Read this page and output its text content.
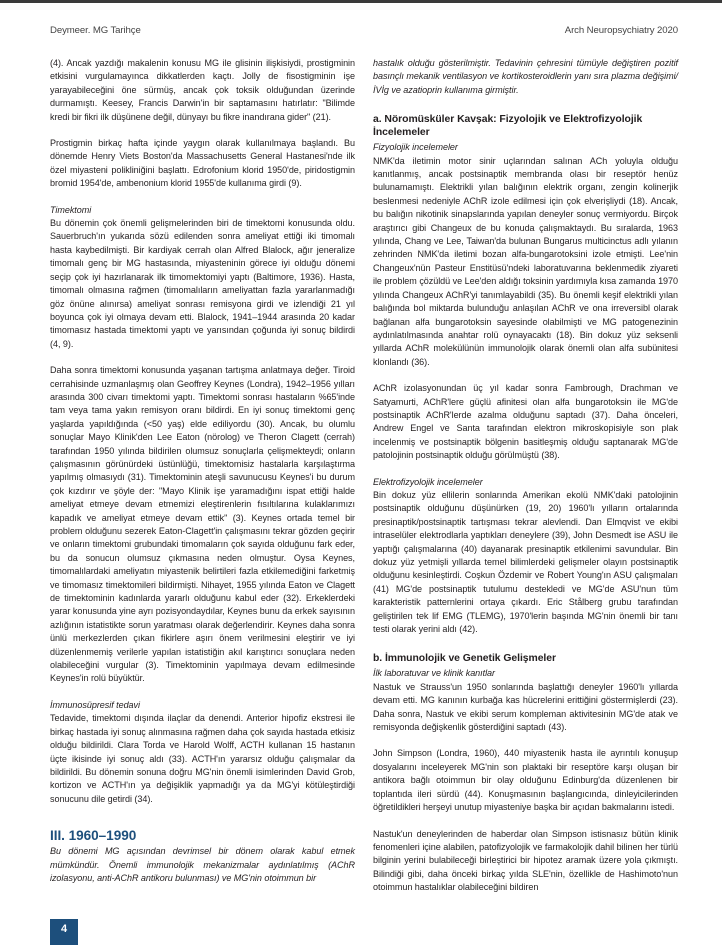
Deymeer. MG Tarihçe	Arch Neuropsychiatry 2020

(4). Ancak yazdığı makalenin konusu MG ile glisinin ilişkisiydi, prostigminin etkisini vurgulamayınca dikkatlerden kaçtı. Jolly de fisostigminin işe yarayabileceğini öne sürmüş, ancak çok toksik olduğundan üzerinde durmamıştı. Keesey, Francis Darwin'in bir saptamasını hatırlatır: "Bilimde kredi bir fikri ilk düşünene değil, dünyayı bu fikre inandırana gider" (21).

Prostigmin birkaç hafta içinde yaygın olarak kullanılmaya başlandı. Bu dönemde Henry Viets Boston'da Massachusetts General Hastanesi'nde ilk özel miyasteni polikliniğini başlattı. Edrofonium klorid 1950'de, piridostigmin bromid 1954'de, ambenonium klorid 1955'de kullanıma girdi (9).

Timektomi

Bu dönemin çok önemli gelişmelerinden biri de timektomi konusunda oldu. Sauerbruch'ın yukarıda sözü edilenden sonra ameliyat ettiği iki timomalı hasta kaybedilmişti. Bir kardiyak cerrah olan Alfred Blalock, ağır jeneralize timomalı genç bir MG hastasında, miyasteninin görece iyi olduğu dönemi seçip çok iyi hazırlanarak ilk timomektomiyi yaptı (Baltimore, 1936). Hasta, timomalı olmasına rağmen (timomalıların ameliyattan fazla yararlanmadığı göz önüne alınırsa) ameliyat sonrası remisyona girdi ve izlendiği 21 yıl boyunca çok iyi olmaya devam etti. Blalock, 1941–1944 arasında 20 kadar timomasız hastada timektomi yaptı ve yarısından çoğunda iyi sonuç bildirdi (4, 9).

Daha sonra timektomi konusunda yaşanan tartışma anlatmaya değer. Tiroid cerrahisinde uzmanlaşmış olan Geoffrey Keynes (Londra), 1942–1956 yılları arasında 300 civarı timektomi yaptı. Timektomi sonrası hastaların %65'inde tam veya tama yakın remisyon oranı bildirdi. En iyi sonuç timektomi genç yaşlarda yapıldığında (<50 yaş) elde ediliyordu (30). Ancak, bu olumlu sonuçlar Mayo Klinik'den Lee Eaton (nörolog) ve Theron Clagett (cerrah) tarafından 1950 yılında bildirilen olumsuz sonuçlarla çelişmekteydi; onların çalışmasının görünürdeki üstünlüğü, timektomisiz hastalarla karşılaştırma yapılmış olmasıydı (31). Timektominin ateşli savunucusu Keynes'i bu durum çok kızdırır ve şöyle der: "Mayo Klinik işe yaramadığını ispat ettiği halde ameliyat etmeye devam etmemizi eleştirenlerin fısıltılarına kulaklarımızı kapadık ve ameliyat etmeye devam ettik" (3). Keynes ortada temel bir problem olduğunu sezerek Eaton-Clagett'in çalışmasını tekrar gözden geçirir ve onların timektomi grubundaki timomaların çok sayıda olduğunu fark eder, bu da sonucun olumsuz çıkmasına neden olmuştur. Oysa Keynes, timomalılardaki ameliyatın miyastenik belirtileri fazla etkilemediğini farketmiş ve timomasız timektomileri bildirmişti. Nihayet, 1955 yılında Eaton ve Clagett de timektominin kadınlarda yararlı olduğunu kabul eder (32). Erkeklerdeki yarar konusunda yine ayrı pozisyondaydılar, Keynes bunu da erkek sayısının azlığının istatistikte sorun yaratması olarak değerlendirir. Keynes daha sonra ünlü merkezlerden çıkan fikirlere aşırı önem verilmesini eleştirir ve iyi düzenlenmemiş verilerle yapılan istatistiğin akıl karıştırıcı sonuçlara neden olabileceğini vurgular (3). Timektominin yapılmaya devam edilmesinde Keynes'in rolü büyüktür.

İmmunosüpresif tedavi

Tedavide, timektomi dışında ilaçlar da denendi. Anterior hipofiz ekstresi ile birkaç hastada iyi sonuç alınmasına rağmen daha çok sayıda hastada etkisiz olduğu bildirildi. Clara Torda ve Harold Wolff, ACTH kullanan 15 hastanın üçte ikisinde iyi sonuç aldı (33). ACTH'ın yararsız olduğu çalışmalar da bildirildi. Bu dönemin sonuna doğru MG'nin önemli isimlerinden David Grob, kortizon ve ACTH'ın ya değişiklik yapmadığı ya da MG'yi kötüleştirdiği sonucunu dile getirdi (34).

III. 1960–1990

Bu dönemi MG açısından devrimsel bir dönem olarak kabul etmek mümkündür. Önemli immunolojik mekanizmalar aydınlatılmış (AChR izolasyonu, anti-AChR antikoru bulunması) ve MG'nin otoimmun bir

hastalık olduğu gösterilmiştir. Tedavinin çehresini tümüyle değiştiren pozitif basınçlı mekanik ventilasyon ve kortikosteroidlerin yanı sıra plazma değişimi/İVİg ve azatioprin kullanıma girmiştir.

a. Nöromüsküler Kavşak: Fizyolojik ve Elektrofizyolojik İncelemeler
Fizyolojik incelemeler

NMK'da iletimin motor sinir uçlarından salınan ACh yoluyla olduğu kanıtlanmış, ancak postsinaptik membranda olası bir reseptör henüz bulunamamıştı. Elektrikli yılan balığının elektrik organı, zengin kolinerjik beslenmesi nedeniyle AChR izole edilmesi için çok elverişliydi (18). Ancak, bu balığın nikotinik sinapslarında yapılan deneyler sonuç vermiyordu. Birçok araştırıcı gibi Changeux de bu konuda çalışmaktaydı. Bu sıralarda, 1963 yılında, Chang ve Lee, Taiwan'da bulunan Bungarus multicinctus adlı yılanın zehrinden NMK'da iletimi bozan alfa-bungarotoksini izole etmişti. Lee'nin Changeux'nün Pasteur Enstitüsü'ndeki laboratuvarına beklenmedik ziyareti ile problem çözüldü ve Lee'den aldığı toksinin yardımıyla kısa zamanda 1970 yılında Changeux AChR'yi tanımlayabildi (35). Bu önemli keşif elektrikli yılan balığında bol miktarda bulunduğu anlaşılan AChR ve ona irreversibl olarak bağlanan alfa bungarotoksin sayesinde olabilmişti ve MG patogenezinin aydınlatılmasında anahtar rolü oynayacaktı (18). Bin dokuz yüz seksenli yıllarda AChR molekülünün immunolojik olarak önemli olan alfa subünitesi klonlandı (36).

AChR izolasyonundan üç yıl kadar sonra Fambrough, Drachman ve Satyamurti, AChR'lere güçlü afinitesi olan alfa bungarotoksin ile MG'de postsinaptik AChR'lerde azalma olduğunu saptadı (37). Daha önceleri, Andrew Engel ve Santa tarafından elektron mikroskopisiyle son plak incelenmiş ve postsinaptik bölgenin basitleşmiş olduğu saptanarak MG'de patolojinin postsinaptik olduğu görülmüştü (38).

Elektrofizyolojik incelemeler

Bin dokuz yüz ellilerin sonlarında Amerikan ekolü NMK'daki patolojinin postsinaptik olduğunu düşünürken (19, 20) 1960'lı yılların ortalarında presinaptik/postsinaptik tartışması tekrar alevlendi. Dan Elmqvist ve ekibi intraselüler elektrodlarla yaptıkları deneylere (39), John Desmedt ise ASU ile yaptığı çalışmalarına (40) dayanarak presinaptik etkilenimi savundular. Bin dokuz yüz yetmişli yıllarda temel bilimlerdeki gelişmeler olayın postsinaptik olduğunu kesinleştirdi. Coşkun Özdemir ve Robert Young'ın ASU çalışmaları (41) MG'de postsinaptik tutulumu destekledi ve MG'de ASU'nun tüm karakteristik patternlerini ortaya çıkardı. Eric Stålberg grubu tarafından geliştirilen tek lif EMG (TLEMG), 1970'lerin başında MG'nin önemli bir tanı testi olarak yerini aldı (42).

b. İmmunolojik ve Genetik Gelişmeler
İlk laboratuvar ve klinik kanıtlar

Nastuk ve Strauss'un 1950 sonlarında başlattığı deneyler 1960'lı yıllarda devam etti. MG kanının kurbağa kas hücrelerini erittiğini göstermişlerdi (23). Daha sonra, Nastuk ve ekibi serum kompleman aktivitesinin MG'de atak ve remisyonda değişkenlik gösterdiğini saptadı (43).

John Simpson (Londra, 1960), 440 miyastenik hasta ile ayrıntılı konuşup dosyalarını inceleyerek MG'nin son plaktaki bir reseptöre karşı oluşan bir antikora bağlı otoimmun bir olay olduğunu Edinburg'da düzenlenen bir toplantıda ileri sürdü (44). Konuşmasının başlangıcında, dinleyicilerinden öğretildikleri herşeyi unutup miyasteniye başka bir açıdan bakmalarını istedi.

Nastuk'un deneylerinden de haberdar olan Simpson istisnasız bütün klinik fenomenleri içine alabilen, patofizyolojik ve farmakolojik dahil bilinen her türlü bilginin yerini bulabileceği birleştirici bir hipotez aramak üzere yola çıkmıştı. Bilindiği gibi, daha önceki birkaç yılda SLE'nin, özellikle de Hashimoto'nun otoimmun hastalıklar olabileceğini bildiren

4
